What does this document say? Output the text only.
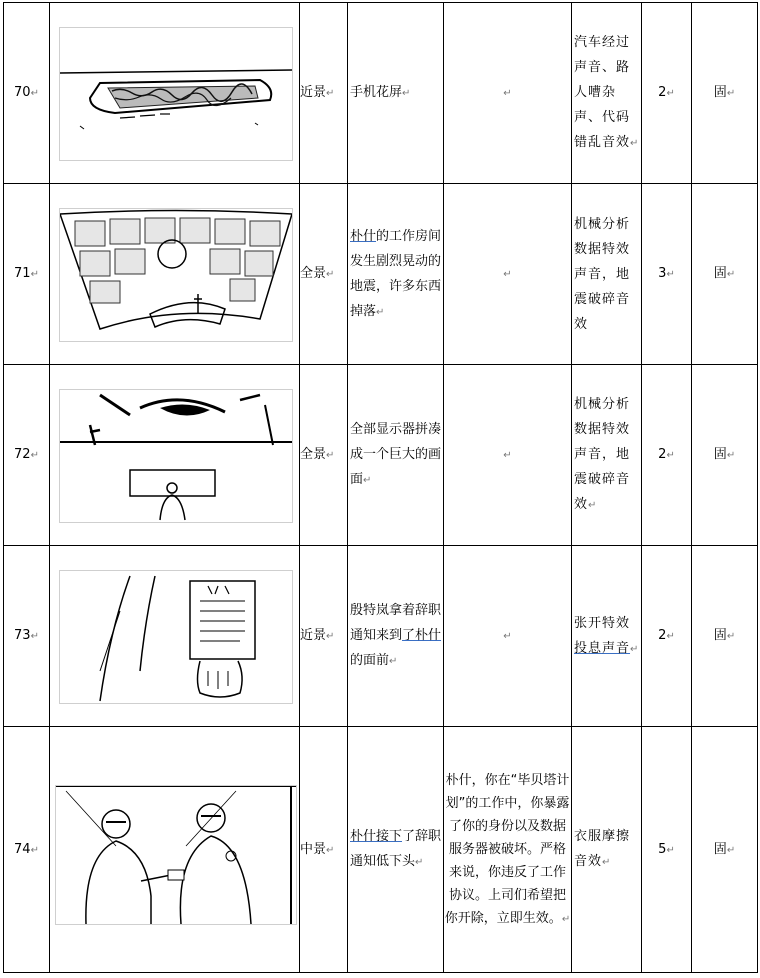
70↵		近景↵	手机花屏↵	↵	汽车经过声音、路人嘈杂声、代码错乱音效↵	2↵	固↵
71↵		全景↵	朴什的工作房间发生剧烈晃动的地震，许多东西掉落↵	↵	机械分析数据特效声音，地震破碎音效	3↵	固↵
72↵		全景↵	全部显示器拼凑成一个巨大的画面↵	↵	机械分析数据特效声音，地震破碎音效↵	2↵	固↵
73↵		近景↵	殷特岚拿着辞职通知来到了朴什的面前↵	↵	张开特效投息声音↵	2↵	固↵
74↵		中景↵	朴什接下了辞职通知低下头↵	朴什，你在“毕贝塔计划”的工作中，你暴露了你的身份以及数据服务器被破坏。严格来说，你违反了工作协议。上司们希望把你开除，立即生效。↵	衣服摩擦音效↵	5↵	固↵
